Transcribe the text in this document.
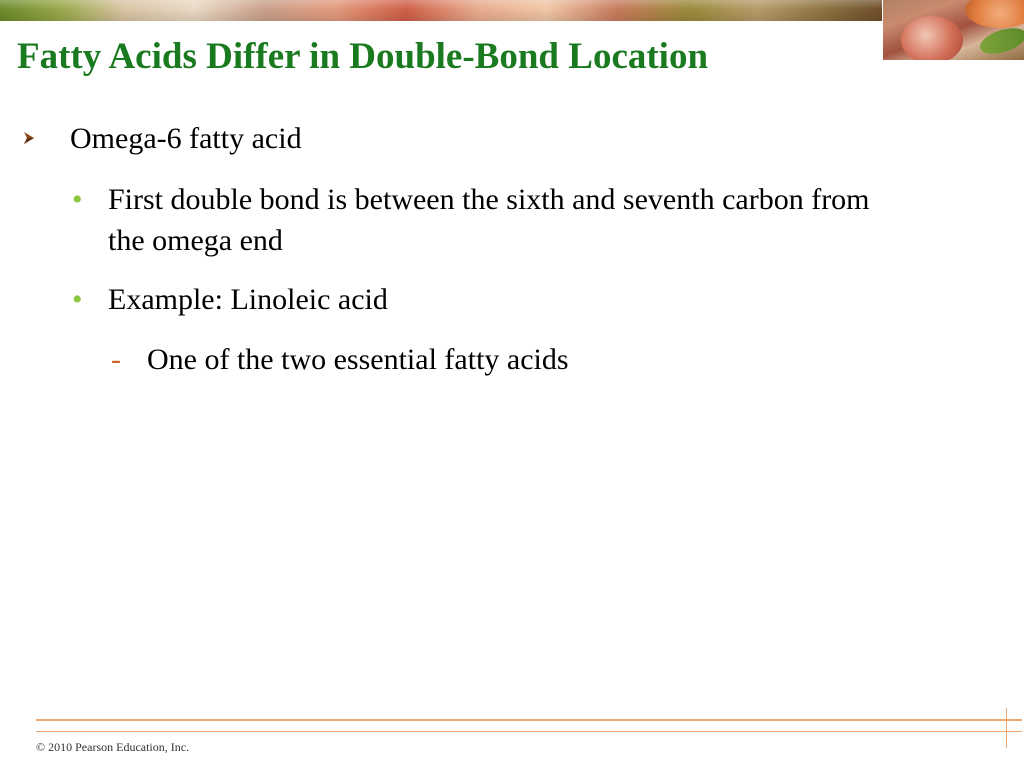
Fatty Acids Differ in Double-Bond Location
Omega-6 fatty acid
• First double bond is between the sixth and seventh carbon from the omega end
• Example: Linoleic acid
- One of the two essential fatty acids
© 2010 Pearson Education, Inc.
